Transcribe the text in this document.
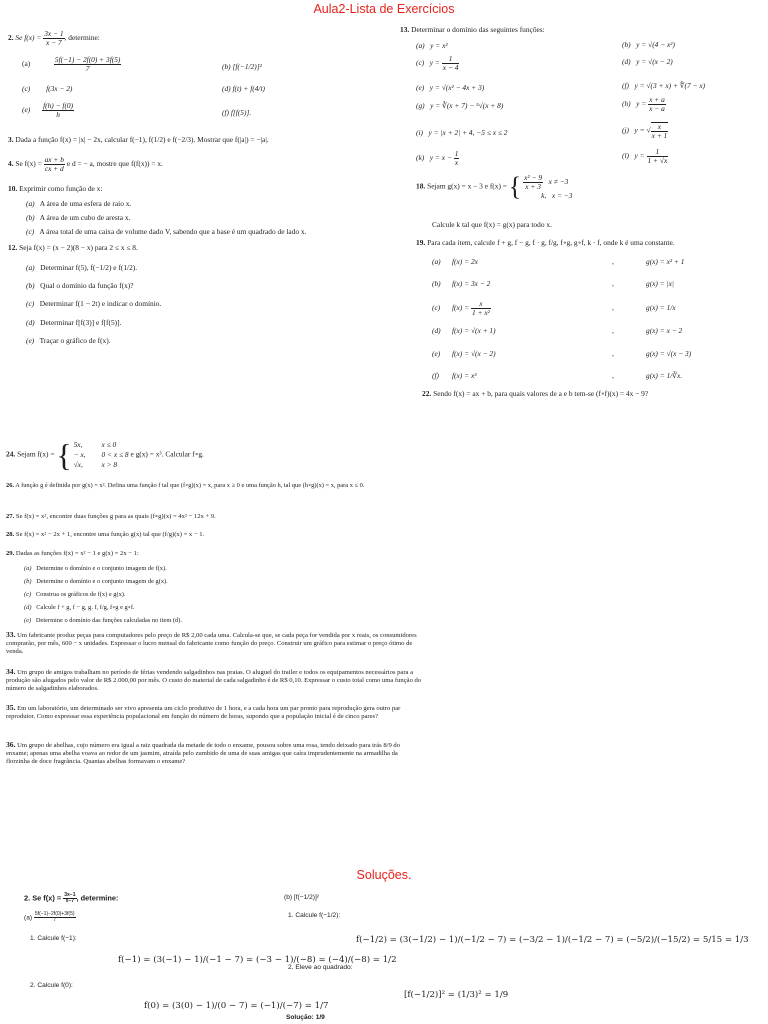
Aula2-Lista de Exercícios
Soluções.
2. Se $f(x) = \frac{3x - 1}{x - 7}$ , determine:
(a)	$\frac{5f(-1) - 2f(0) + 3f(5)}{7}$	(b) [f(−1/2)]²
(c) f(3x − 2)	(d) f(t) + f(4/t)
$(e) \frac{f(h) - f(0)}{h}$	(f) f[f(5)].
3. Dada a função f(x) = |x| − 2x, calcular f(−1), f(1/2) e f(−2/3). Mostrar que f(|a|) = −|a|.
4. Se $f(x) = \frac{ax + b}{cx + d}$ e d = − a, mostre que f(f(x)) = x.
10. Exprimir como função de x:
(a) A área de uma esfera de raio x.
(b) A área de um cubo de aresta x.
(c) A área total de uma caixa de volume dado V, sabendo que a base é um quadrado de lado x.
12. Seja f(x) = (x − 2)(8 − x) para 2 ≤ x ≤ 8.
(a) Determinar f(5), f(−1/2) e f(1/2).
(b) Qual o domínio da função f(x)?
(c) Determinar f(1 − 2t) e indicar o domínio.
(d) Determinar f[f(3)] e f[f(5)].
(e) Traçar o gráfico de f(x).
13. Determinar o domínio das seguintes funções:
(a) y = x²	(b) y = √(4 − x²)
(c) $y = \frac{1}{x - 4}$	(d) y = √(x − 2)
(e) y = √(x² − 4x + 3)	(f) y = √(3 + x) + ∜(7 − x)
(g) y = ∛(x + 7) − ⁵√(x + 8)	(h) $y = \frac{x + a}{x - a}$
(i) y = |x + 2| + 4, −5 ≤ x ≤ 2	(j) y = √ $\frac{x}{x + 1}$
(k) $y = x - \frac{1}{x}$	(l) $y = \frac{1}{1 + √x}$
18. Sejam g(x) = x − 3 e f(x) = { $\frac{\text{x² − 9}}{x + 3}$ x ≠ −3
k, x = −3
Calcule k tal que f(x) = g(x) para todo x.
19. Para cada item, calcule f + g, f − g, f · g, f/g, f∘g, g∘f, k · f, onde k é uma constante.
(a) f(x) = 2x	,	g(x) = x² + 1
(b) f(x) = 3x − 2	,	g(x) = |x|
(c) $f(x) = \frac{x}{\text{1 + x²}}$	,	g(x) = 1/x
(d) f(x) = √(x + 1)	,	g(x) = x − 2
(e) f(x) = √(x − 2)	,	g(x) = √(x − 3)
(f) f(x) = x³	,	g(x) = 1/∛x.
22. Sendo f(x) = ax + b, para quais valores de a e b tem-se (f∘f)(x) = 4x − 9?
24. Sejam f(x) = { 5x,	x ≤ 0
− x, 0 < x ≤ 8
√x,	x > 8
e g(x) = x³. Calcular f∘g.
26. A função g é definida por g(x) = x². Defina uma função f tal que (f∘g)(x) = x, para x ≥ 0 e uma função h, tal que (h∘g)(x) = x, para x ≤ 0.
27. Se f(x) = x², encontre duas funções g para as quais (f∘g)(x) = 4x² − 12x + 9.
28. Se f(x) = x² − 2x + 1, encontre uma função g(x) tal que (f/g)(x) = x − 1.
29. Dadas as funções f(x) = x² − 1 e g(x) = 2x − 1:
(a) Determine o domínio e o conjunto imagem de f(x).
(b) Determine o domínio e o conjunto imagem de g(x).
(c) Construa os gráficos de f(x) e g(x).
(d) Calcule f + g, f − g, g. f, f/g, f∘g e g∘f.
(e) Determine o domínio das funções calculadas no item (d).
33. Um fabricante produz peças para computadores pelo preço de R$ 2,00 cada uma. Calcula-se que, se cada peça for vendida por x reais, os consumidores comprarão, por mês, 600 − x unidades. Expressar o lucro mensal do fabricante como função do preço. Construir um gráfico para estimar o preço ótimo de venda.
34. Um grupo de amigos trabalham no período de férias vendendo salgadinhos nas praias. O aluguel do trailer e todos os equipamentos necessários para a produção são alugados pelo valor de R$ 2.000,00 por mês. O custo do material de cada salgadinho é de R$ 0,10. Expressar o custo total como uma função do número de salgadinhos elaborados.
35. Em um laboratório, um determinado ser vivo apresenta um ciclo produtivo de 1 hora, e a cada hora um par pronto para reprodução gera outro par reprodutor. Como expressar essa experiência populacional em função do número de horas, supondo que a população inicial é de cinco pares?
36. Um grupo de abelhas, cujo número era igual a raiz quadrada da metade de todo o enxame, pousou sobre uma rosa, tendo deixado para trás 8/9 do enxame; apenas uma abelha voava ao redor de um jasmim, atraída pelo zumbido de uma de suas amigas que caíra imprudentemente na armadilha da florzinha de doce fragrância. Quantas abelhas formavam o enxame?
2. Se $f(x) = \frac{3x-1}{x-7}$ , determine:
$(a) \frac{5f(-1)-2f(0)+3f(5)}{7}$
1. Calcule f(−1):
f(−1) = (3(−1) − 1)/(−1 − 7) = (−3 − 1)/(−8) = (−4)/(−8) = 1/2
2. Calcule f(0):
f(0) = (3(0) − 1)/(0 − 7) = (−1)/(−7) = 1/7
(b) [f(−1/2)]²
1. Calcule f(−1/2):
f(−1/2) = (3(−1/2) − 1)/(−1/2 − 7) = (−3/2 − 1)/(−1/2 − 7) = (−5/2)/(−15/2) = 5/15 = 1/3
2. Eleve ao quadrado:
[f(−1/2)]² = (1/3)² = 1/9
Solução: 1/9
